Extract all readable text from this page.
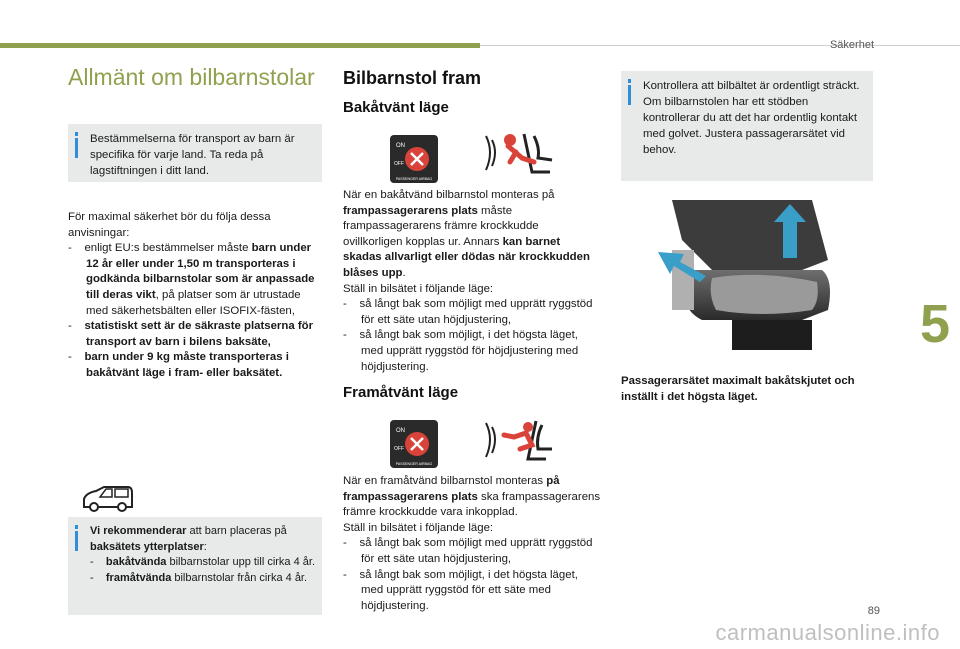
Säkerhet
5
Allmänt om bilbarnstolar
Bestämmelserna för transport av barn är specifika för varje land. Ta reda på lagstiftningen i ditt land.

För maximal säkerhet bör du följa dessa anvisningar:

-    enligt EU:s bestämmelser måste barn under 12 år eller under 1,50 m transporteras i godkända bilbarnstolar som är anpassade till deras vikt, på platser som är utrustade med säkerhetsbälten eller ISOFIX-fästen,

-    statistiskt sett är de säkraste platserna för transport av barn i bilens baksäte,

-    barn under 9 kg måste transporteras i bakåtvänt läge i fram- eller baksätet.

Vi rekommenderar att barn placeras på baksätets ytterplatser:

-    bakåtvända bilbarnstolar upp till cirka 4 år.
-    framåtvända bilbarnstolar från cirka 4 år.
Bilbarnstol fram
Bakåtvänt läge
ON
OFF
PASSENGER AIRBAG

När en bakåtvänd bilbarnstol monteras på frampassagerarens plats måste frampassagerarens främre krockkudde ovillkorligen kopplas ur. Annars kan barnet skadas allvarligt eller dödas när krockkudden blåses upp.

Ställ in bilsätet i följande läge:

-    så långt bak som möjligt med upprätt ryggstöd för ett säte utan höjdjustering,

-    så långt bak som möjligt, i det högsta läget, med upprätt ryggstöd för höjdjustering med höjdjustering.

Framåtvänt läge
ON
OFF
PASSENGER AIRBAG

När en framåtvänd bilbarnstol monteras på frampassagerarens plats ska frampassagerarens främre krockkudde vara inkopplad.

Ställ in bilsätet i följande läge:

-    så långt bak som möjligt med upprätt ryggstöd för ett säte utan höjdjustering,

-    så långt bak som möjligt, i det högsta läget, med upprätt ryggstöd för ett säte med höjdjustering.

Kontrollera att bilbältet är ordentligt sträckt. Om bilbarnstolen har ett stödben kontrollerar du att det har ordentlig kontakt med golvet. Justera passagerarsätet vid behov.
Passagerarsätet maximalt bakåtskjutet och inställt i det högsta läget.
89
carmanualsonline.info
